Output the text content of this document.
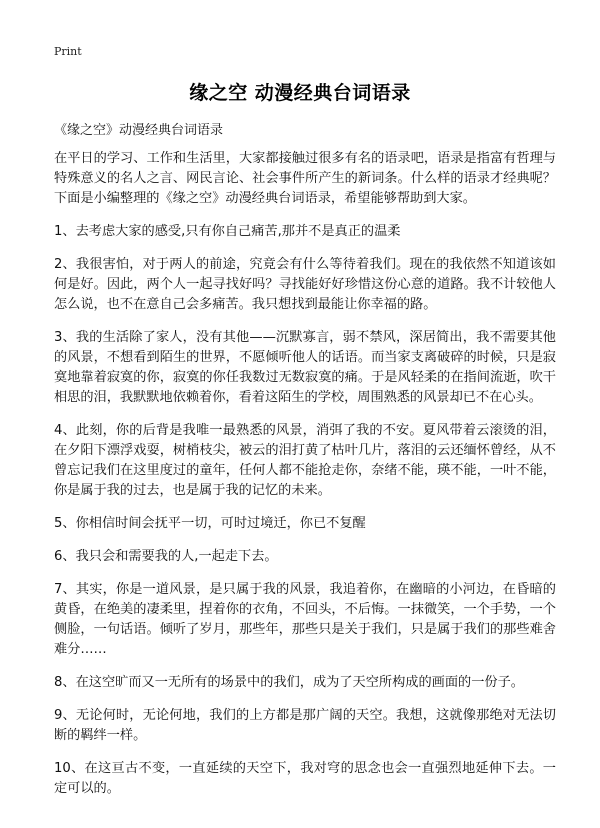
Print
缘之空 动漫经典台词语录
《缘之空》动漫经典台词语录

在平日的学习、工作和生活里，大家都接触过很多有名的语录吧，语录是指富有哲理与特殊意义的名人之言、网民言论、社会事件所产生的新词条。什么样的语录才经典呢？下面是小编整理的《缘之空》动漫经典台词语录，希望能够帮助到大家。

1、去考虑大家的感受,只有你自己痛苦,那并不是真正的温柔

2、我很害怕，对于两人的前途，究竟会有什么等待着我们。现在的我依然不知道该如何是好。因此，两个人一起寻找好吗？寻找能好好珍惜这份心意的道路。我不计较他人怎么说，也不在意自己会多痛苦。我只想找到最能让你幸福的路。

3、我的生活除了家人，没有其他——沉默寡言，弱不禁风，深居简出，我不需要其他的风景，不想看到陌生的世界，不愿倾听他人的话语。而当家支离破碎的时候，只是寂寞地靠着寂寞的你，寂寞的你任我数过无数寂寞的痛。于是风轻柔的在指间流逝，吹干相思的泪，我默默地依赖着你，看着这陌生的学校，周围熟悉的风景却已不在心头。

4、此刻，你的后背是我唯一最熟悉的风景，消弭了我的不安。夏风带着云滚烫的泪，在夕阳下漂浮戏耍，树梢枝尖，被云的泪打黄了枯叶几片，落泪的云还缅怀曾经，从不曾忘记我们在这里度过的童年，任何人都不能抢走你，奈绪不能，瑛不能，一叶不能，你是属于我的过去，也是属于我的记忆的未来。

5、你相信时间会抚平一切，可时过境迁，你已不复醒

6、我只会和需要我的人,一起走下去。

7、其实，你是一道风景，是只属于我的风景，我追着你，在幽暗的小河边，在昏暗的黄昏，在绝美的凄柔里，捏着你的衣角，不回头，不后悔。一抹微笑，一个手势，一个侧脸，一句话语。倾听了岁月，那些年，那些只是关于我们，只是属于我们的那些难舍难分……

8、在这空旷而又一无所有的场景中的我们，成为了天空所构成的画面的一份子。

9、无论何时，无论何地，我们的上方都是那广阔的天空。我想，这就像那绝对无法切断的羁绊一样。

10、在这亘古不变，一直延续的天空下，我对穹的思念也会一直强烈地延伸下去。一定可以的。
